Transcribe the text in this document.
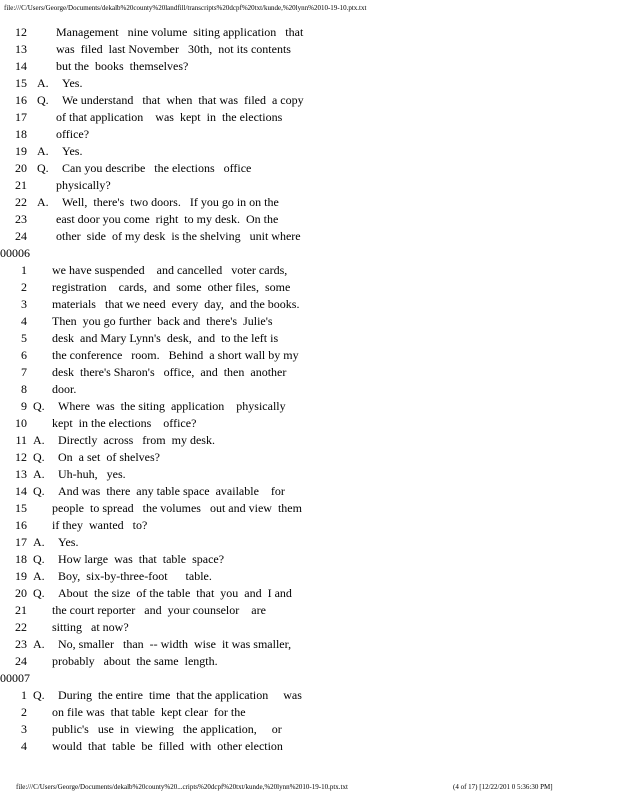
file:///C/Users/George/Documents/dekalb%20county%20landfill/transcripts%20dcpf%20txt/kunde,%20lynn%2010-19-10.ptx.txt
12 Management   nine volume  siting application   that
13 was  filed  last November   30th,  not its contents
14 but the  books  themselves?
15 A. Yes.
16 Q. We understand   that  when  that was  filed  a copy
17 of that application    was  kept  in  the elections
18 office?
19 A. Yes.
20 Q. Can you describe   the elections   office
21 physically?
22 A. Well,  there's  two doors.   If you go in on the
23 east door you come  right  to my desk.  On the
24 other  side  of my desk  is the shelving   unit where
00006
1 we have suspended    and cancelled   voter cards,
2 registration    cards,  and  some  other files,  some
3 materials   that we need  every  day,  and the books.
4 Then  you go further  back and  there's  Julie's
5 desk  and Mary Lynn's  desk,  and  to the left is
6 the conference   room.   Behind  a short wall by my
7 desk  there's Sharon's   office,  and  then  another
8 door.
9 Q. Where  was  the siting  application    physically
10 kept  in the elections    office?
11 A. Directly  across   from  my desk.
12 Q. On  a set  of shelves?
13 A. Uh-huh,   yes.
14 Q. And was  there  any table space  available    for
15 people  to spread   the volumes   out and view  them
16 if they  wanted   to?
17 A. Yes.
18 Q. How large  was  that  table  space?
19 A. Boy,  six-by-three-foot      table.
20 Q. About  the size  of the table  that  you  and  I and
21 the court reporter   and  your counselor    are
22 sitting   at now?
23 A. No, smaller   than  -- width  wise  it was smaller,
24 probably   about  the same  length.
00007
1 Q. During  the entire  time  that the application     was
2 on file was  that table  kept clear  for the
3 public's   use  in  viewing   the application,     or
4 would  that  table  be  filled  with  other election
file:///C/Users/George/Documents/dekalb%20county%20...cripts%20dcpf%20txt/kunde,%20lynn%2010-19-10.ptx.txt	(4 of 17) [12/22/201 0 5:36:30 PM]
